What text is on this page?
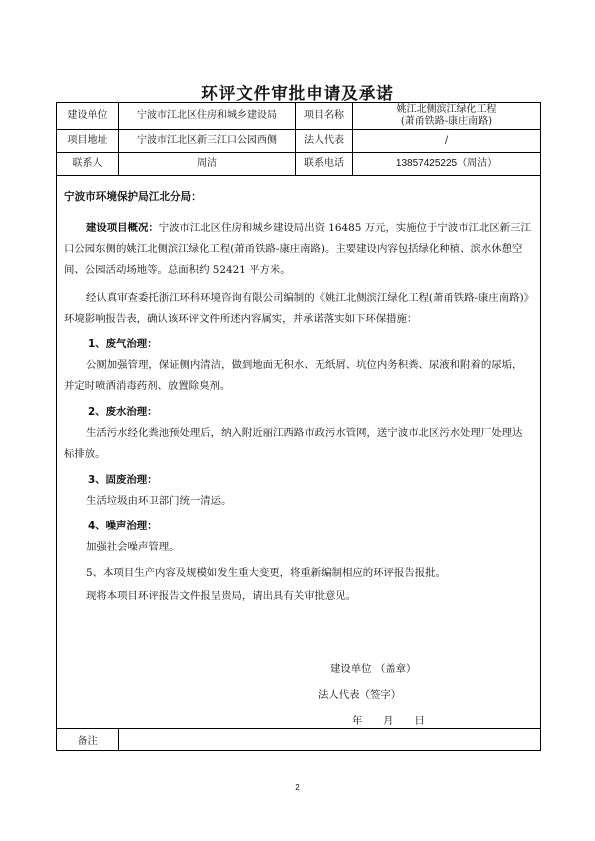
环评文件审批申请及承诺
建设单位	宁波市江北区住房和城乡建设局	项目名称	姚江北侧滨江绿化工程
(萧甬铁路-康庄南路)

项目地址	宁波市江北区新三江口公园西侧	法人代表	/
联系人	周洁	联系电话	13857425225（周洁）
宁波市环境保护局江北分局：

建设项目概况：宁波市江北区住房和城乡建设局出资 16485 万元，实施位于宁波市江北区新三江口公园东侧的姚江北侧滨江绿化工程(萧甬铁路-康庄南路)。主要建设内容包括绿化种植、滨水休憩空间、公园活动场地等。总面积约 52421 平方米。

经认真审查委托浙江环科环境咨询有限公司编制的《姚江北侧滨江绿化工程(萧甬铁路-康庄南路)》环境影响报告表，确认该环评文件所述内容属实，并承诺落实如下环保措施：

1、废气治理：

公厕加强管理，保证侧内清洁，做到地面无积水、无纸屑、坑位内务积粪、尿液和附着的尿垢，并定时喷洒消毒药剂、放置除臭剂。

2、废水治理：

生活污水经化粪池预处理后，纳入附近丽江西路市政污水管网，送宁波市北区污水处理厂处理达标排放。

3、固废治理：

生活垃圾由环卫部门统一清运。

4、噪声治理：

加强社会噪声管理。

5、本项目生产内容及规模如发生重大变更，将重新编制相应的环评报告报批。

现将本项目环评报告文件报呈贵局，请出具有关审批意见。

建设单位 （盖章）
法人代表（签字）
年　　月　　日
备注	
2
